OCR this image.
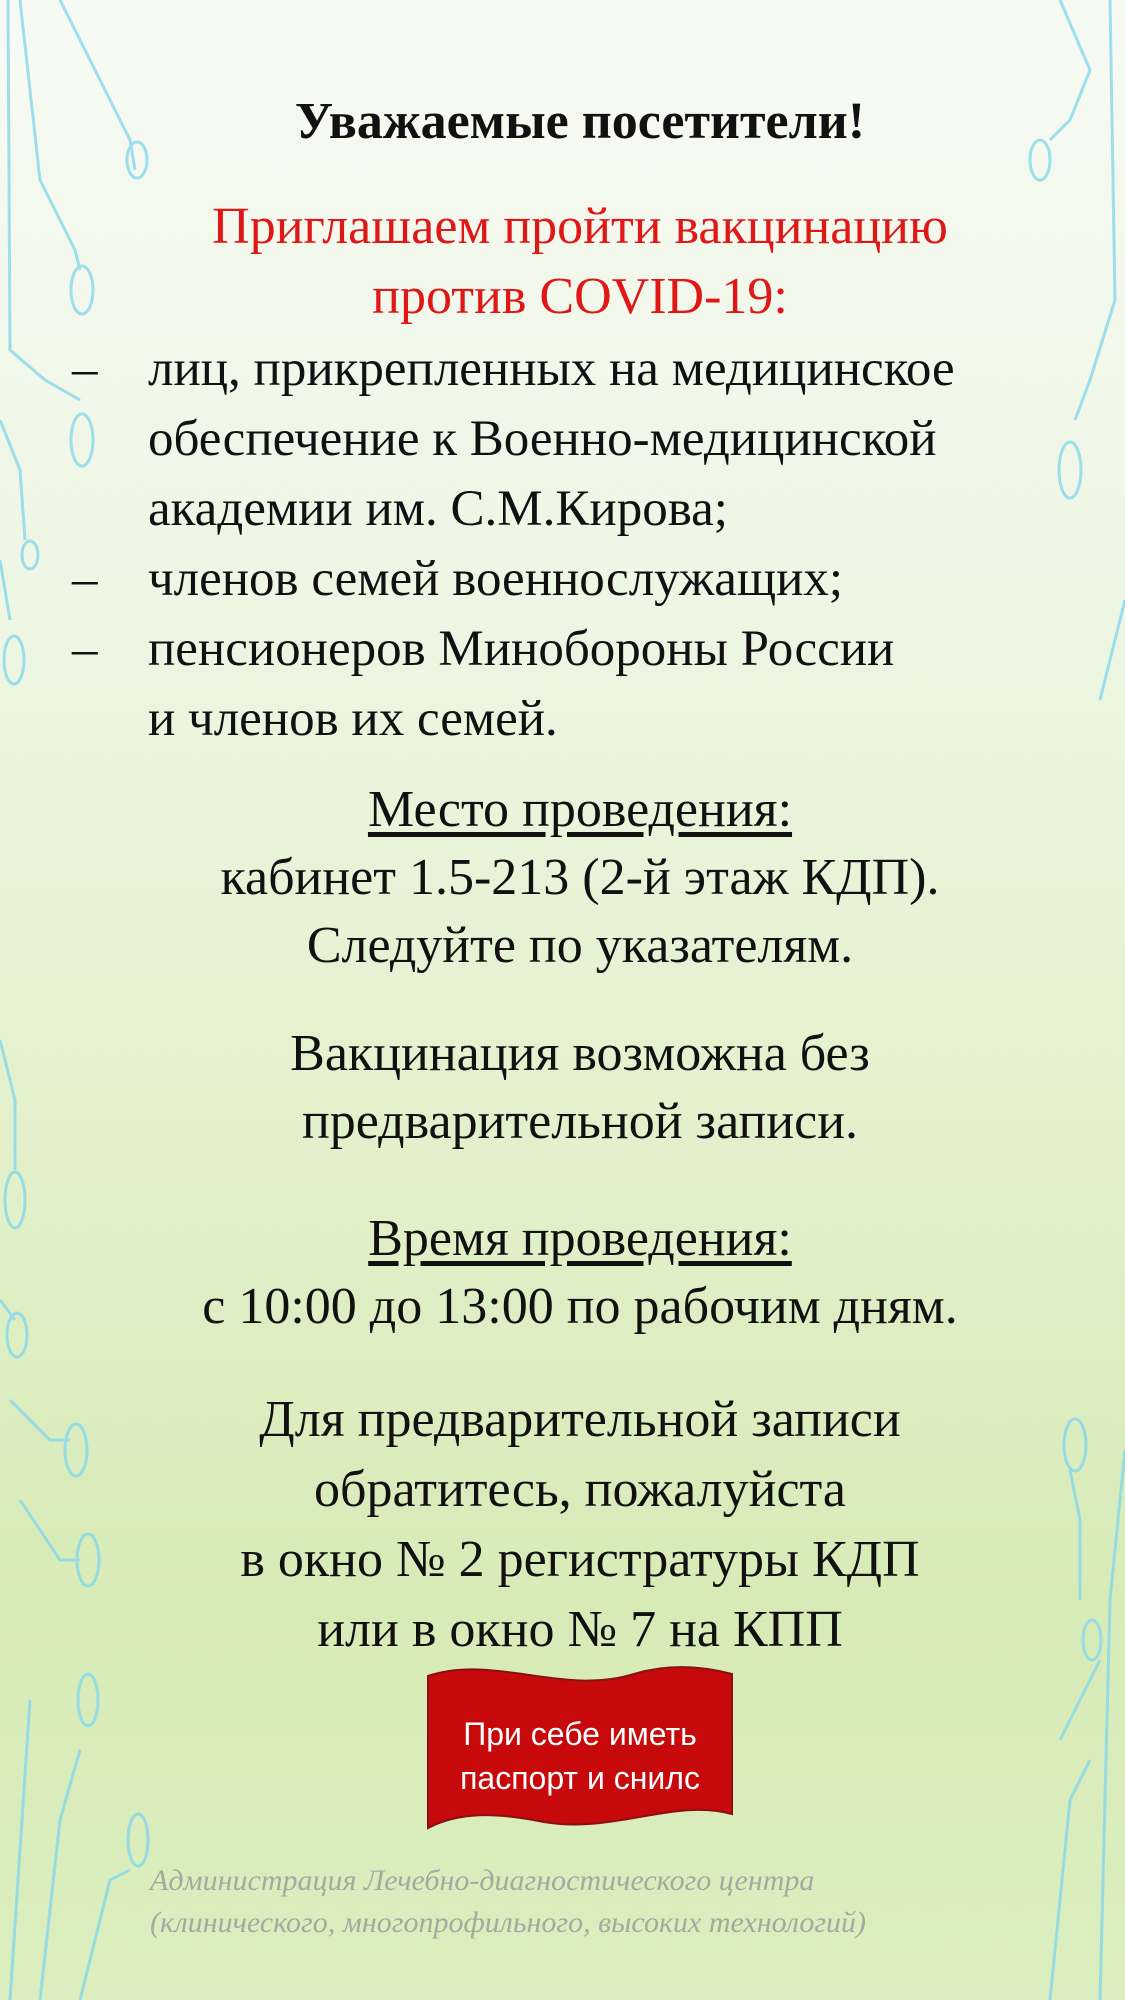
Уважаемые посетители!
Приглашаем пройти вакцинацию
против COVID-19:
– лиц, прикрепленных на медицинское
обеспечение к Военно-медицинской
академии им. С.М.Кирова;
– членов семей военнослужащих;
– пенсионеров Минобороны России
и членов их семей.
Место проведения:
кабинет 1.5-213 (2-й этаж КДП).
Следуйте по указателям.
Вакцинация возможна без
предварительной записи.
Время проведения:
с 10:00 до 13:00 по рабочим дням.
Для предварительной записи
обратитесь, пожалуйста
в окно № 2 регистратуры КДП
или в окно № 7 на КПП
При себе иметь
паспорт и снилс
Администрация Лечебно-диагностического центра
(клинического, многопрофильного, высоких технологий)
